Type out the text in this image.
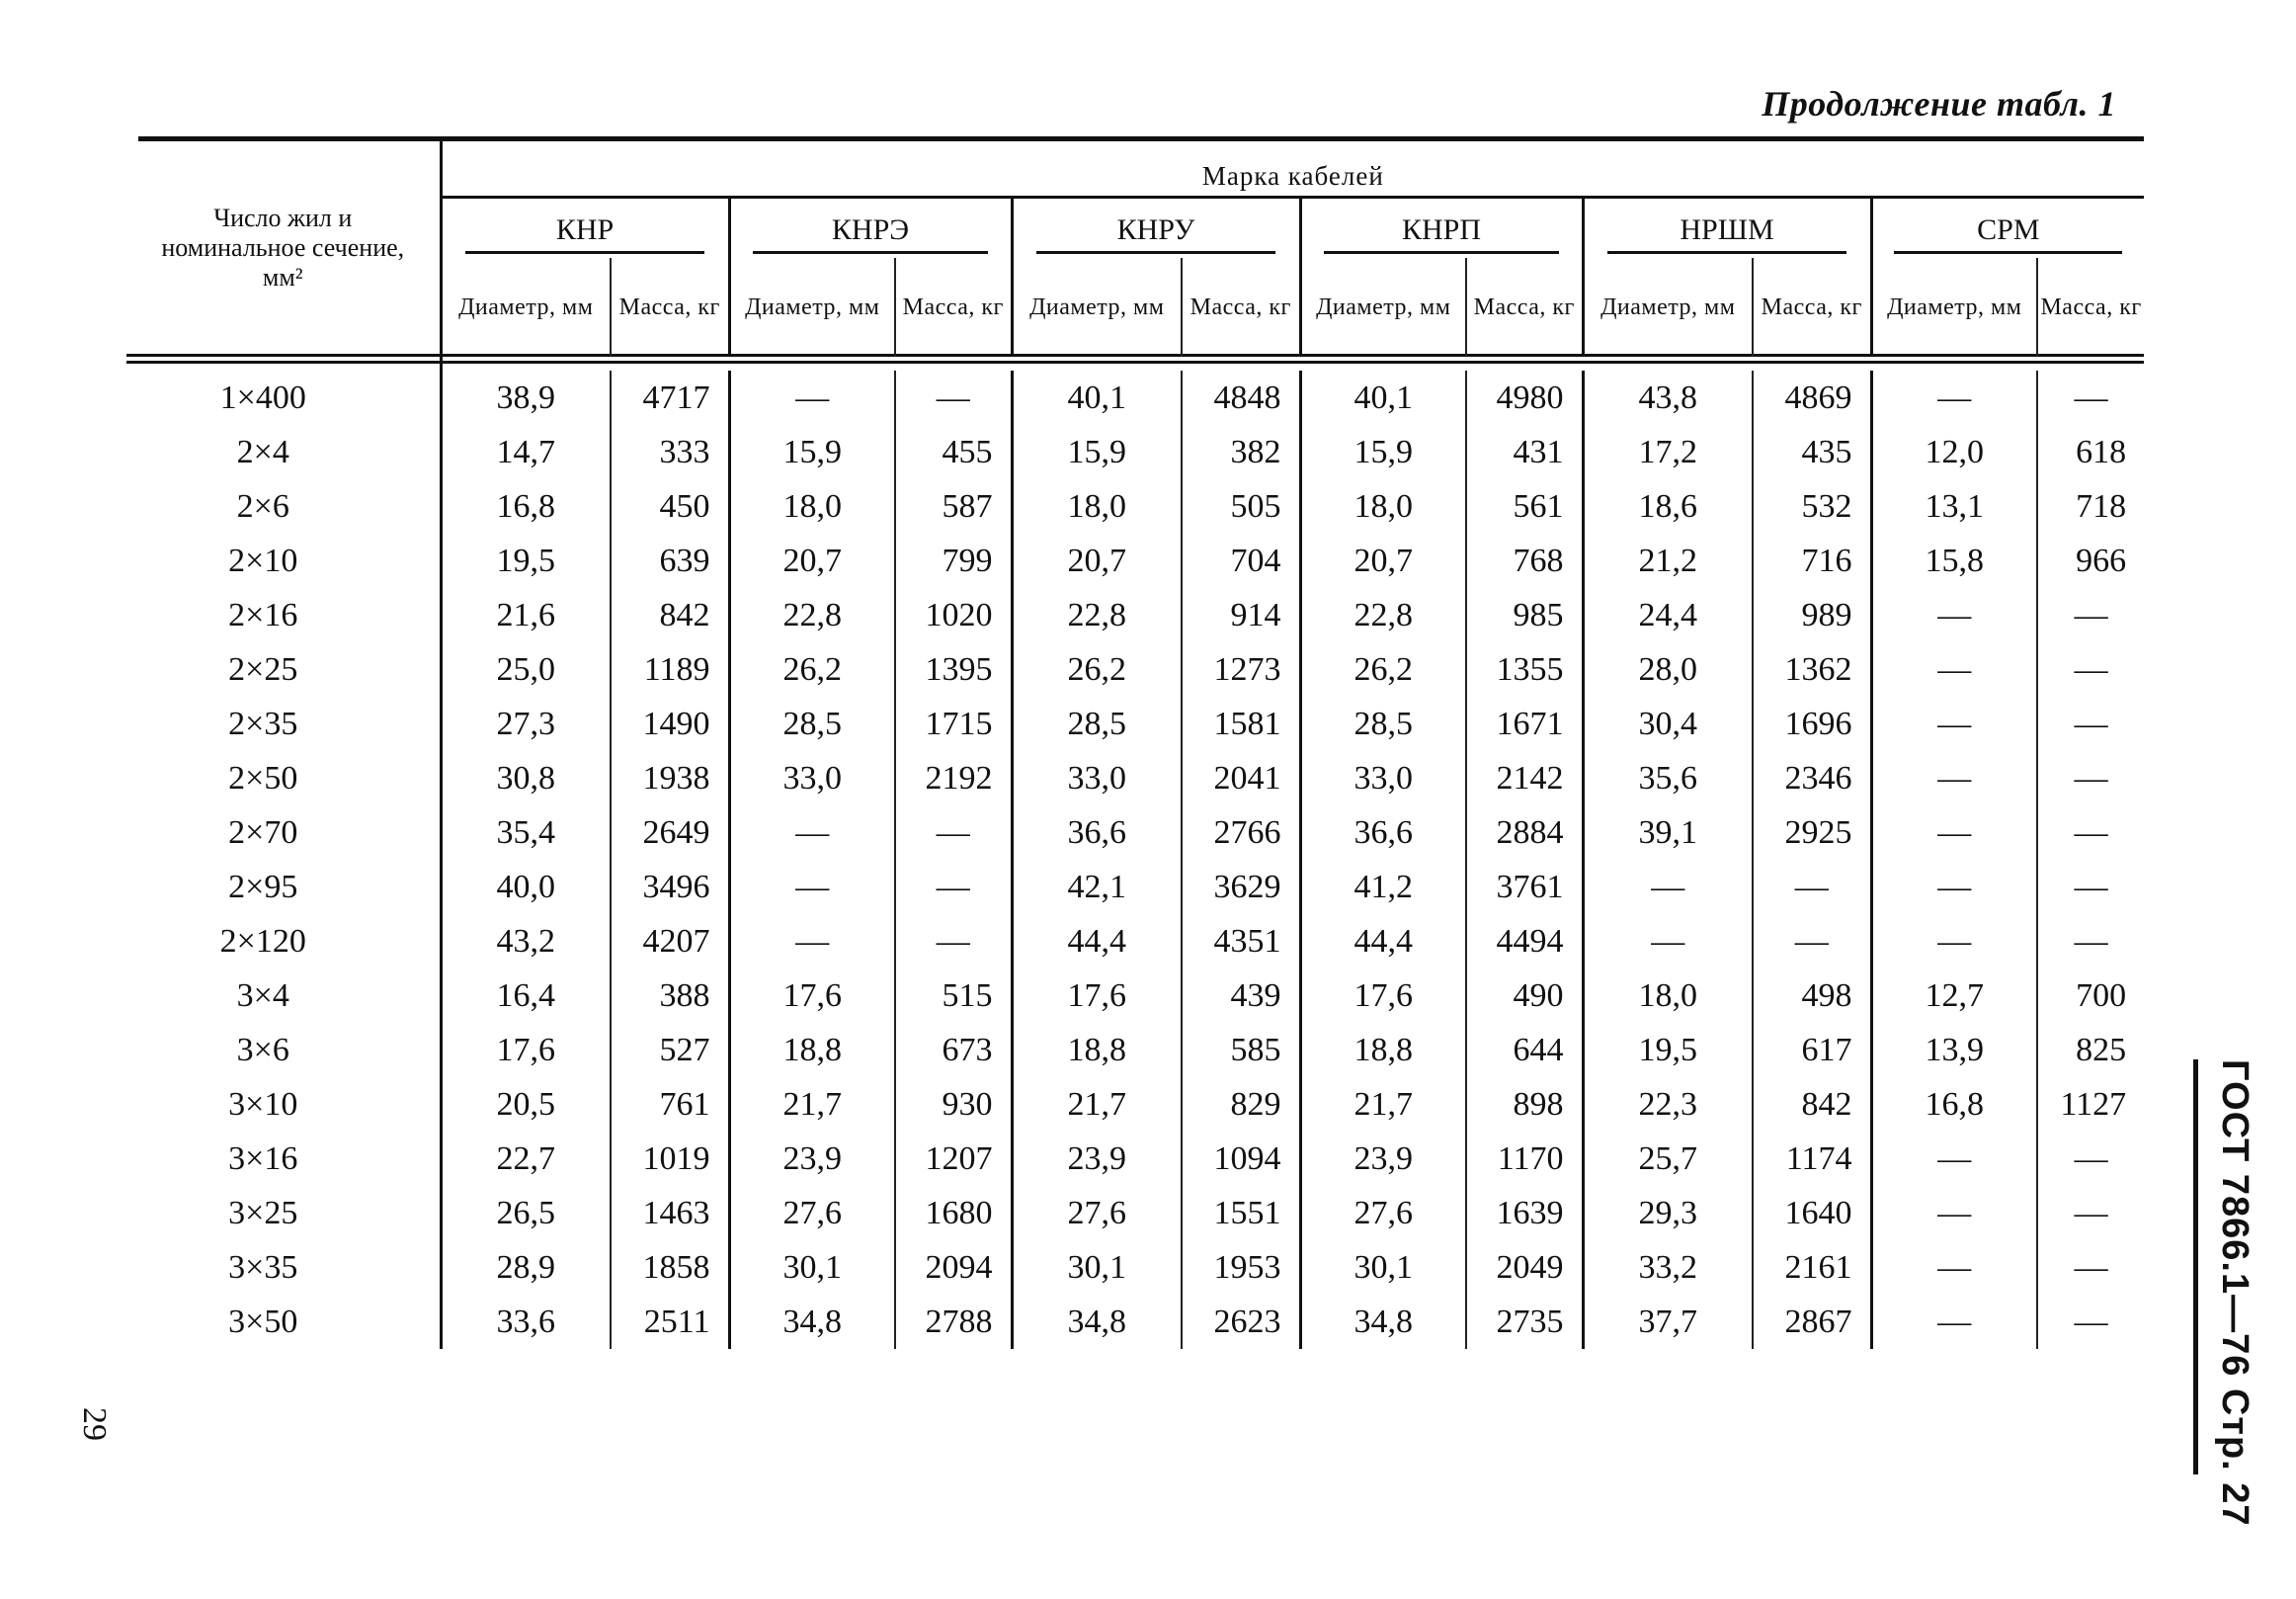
Продолжение табл. 1
Число жил и номинальное сечение, мм²	Марка кабелей											
	КНР		КНРЭ		КНРУ		КНРП		НРШМ		СРМ	
	Диаметр, мм	Масса, кг	Диаметр, мм	Масса, кг	Диаметр, мм	Масса, кг	Диаметр, мм	Масса, кг	Диаметр, мм	Масса, кг	Диаметр, мм	Масса, кг

1×400	38,9	4717	—	—	40,1	4848	40,1	4980	43,8	4869	—	—
2×4	14,7	333	15,9	455	15,9	382	15,9	431	17,2	435	12,0	618
2×6	16,8	450	18,0	587	18,0	505	18,0	561	18,6	532	13,1	718
2×10	19,5	639	20,7	799	20,7	704	20,7	768	21,2	716	15,8	966
2×16	21,6	842	22,8	1020	22,8	914	22,8	985	24,4	989	—	—
2×25	25,0	1189	26,2	1395	26,2	1273	26,2	1355	28,0	1362	—	—
2×35	27,3	1490	28,5	1715	28,5	1581	28,5	1671	30,4	1696	—	—
2×50	30,8	1938	33,0	2192	33,0	2041	33,0	2142	35,6	2346	—	—
2×70	35,4	2649	—	—	36,6	2766	36,6	2884	39,1	2925	—	—
2×95	40,0	3496	—	—	42,1	3629	41,2	3761	—	—	—	—
2×120	43,2	4207	—	—	44,4	4351	44,4	4494	—	—	—	—
3×4	16,4	388	17,6	515	17,6	439	17,6	490	18,0	498	12,7	700
3×6	17,6	527	18,8	673	18,8	585	18,8	644	19,5	617	13,9	825
3×10	20,5	761	21,7	930	21,7	829	21,7	898	22,3	842	16,8	1127
3×16	22,7	1019	23,9	1207	23,9	1094	23,9	1170	25,7	1174	—	—
3×25	26,5	1463	27,6	1680	27,6	1551	27,6	1639	29,3	1640	—	—
3×35	28,9	1858	30,1	2094	30,1	1953	30,1	2049	33,2	2161	—	—
3×50	33,6	2511	34,8	2788	34,8	2623	34,8	2735	37,7	2867	—	—	ГОСТ 7866.1—76 Стр. 27
29
